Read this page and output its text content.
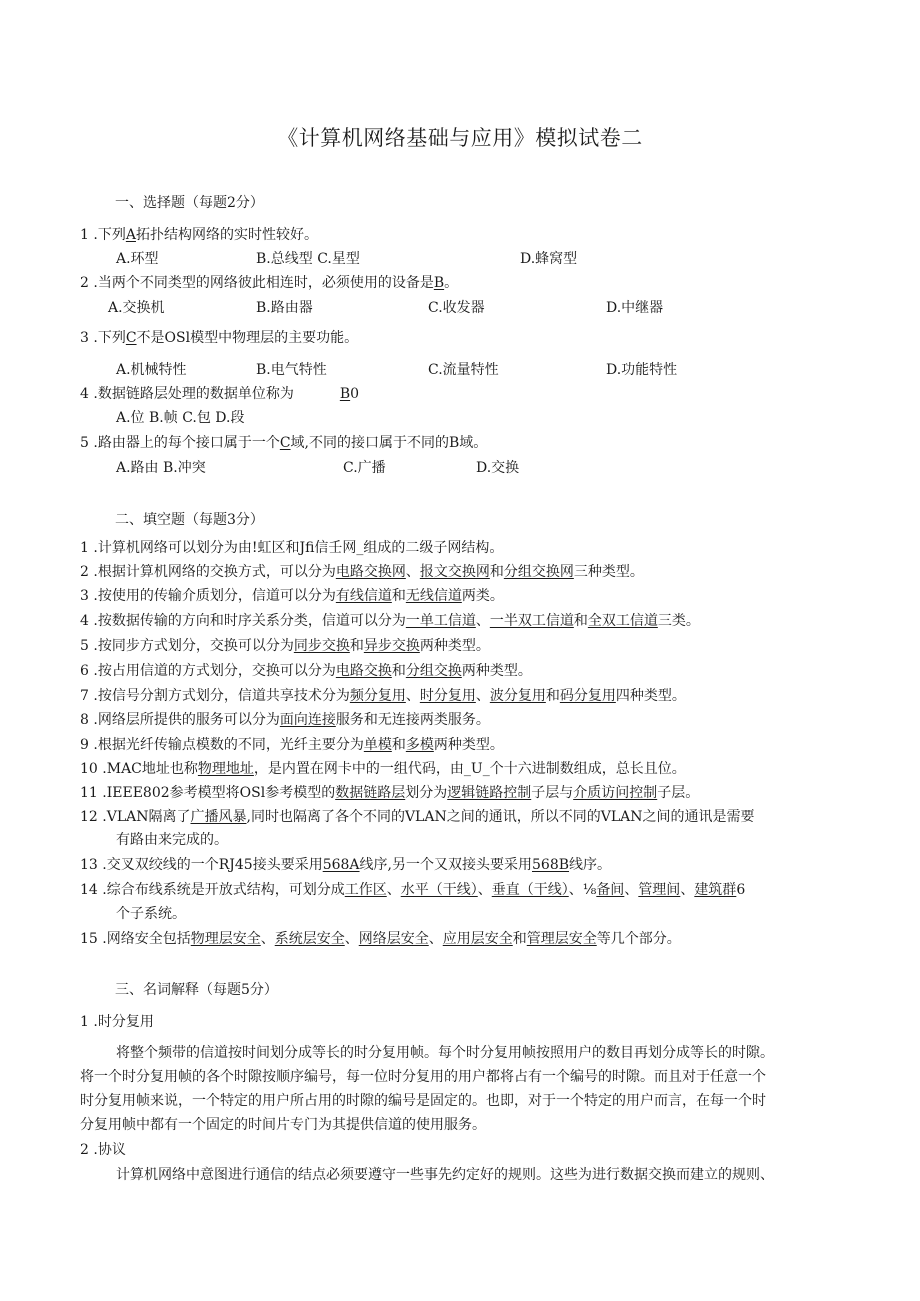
《计算机网络基础与应用》模拟试卷二
一、选择题（每题2分）
1 .下列A拓扑结构网络的实时性较好。
A.环型	B.总线型 C.星型	D.蜂窝型
2 .当两个不同类型的网络彼此相连时，必须使用的设备是B。
A.交换机	B.路由器	C.收发器	D.中继器
3 .下列C不是OSl模型中物理层的主要功能。
A.机械特性	B.电气特性	C.流量特性	D.功能特性
4 .数据链路层处理的数据单位称为	B0
A.位 B.帧 C.包 D.段
5 .路由器上的每个接口属于一个C域,不同的接口属于不同的B域。
A.路由 B.冲突	C.广播	D.交换
二、填空题（每题3分）
1 .计算机网络可以划分为由!虹区和Jfi信壬网_组成的二级子网结构。
2 .根据计算机网络的交换方式，可以分为电路交换网、报文交换网和分组交换网三种类型。
3 .按使用的传输介质划分，信道可以分为有线信道和无线信道两类。
4 .按数据传输的方向和时序关系分类，信道可以分为一单工信道、一半双工信道和全双工信道三类。
5 .按同步方式划分，交换可以分为同步交换和异步交换两种类型。
6 .按占用信道的方式划分，交换可以分为电路交换和分组交换两种类型。
7 .按信号分割方式划分，信道共享技术分为频分复用、时分复用、波分复用和码分复用四种类型。
8 .网络层所提供的服务可以分为面向连接服务和无连接两类服务。
9 .根据光纤传输点模数的不同，光纤主要分为单模和多模两种类型。
10 .MAC地址也称物理地址，是内置在网卡中的一组代码，由_U_个十六进制数组成，总长且位。
11 .IEEE802参考模型将OSl参考模型的数据链路层划分为逻辑链路控制子层与介质访问控制子层。
12 .VLAN隔离了广播风暴,同时也隔离了各个不同的VLAN之间的通讯，所以不同的VLAN之间的通讯是需要
有路由来完成的。
13 .交叉双绞线的一个RJ45接头要采用568A线序,另一个又双接头要采用568B线序。
14 .综合布线系统是开放式结构，可划分成工作区、水平（干线）、垂直（干线）、⅛备间、管理间、建筑群6
个子系统。
15 .网络安全包括物理层安全、系统层安全、网络层安全、应用层安全和管理层安全等几个部分。
三、名词解释（每题5分）
1 .时分复用
将整个频带的信道按时间划分成等长的时分复用帧。每个时分复用帧按照用户的数目再划分成等长的时隙。
将一个时分复用帧的各个时隙按顺序编号，每一位时分复用的用户都将占有一个编号的时隙。而且对于任意一个
时分复用帧来说，一个特定的用户所占用的时隙的编号是固定的。也即，对于一个特定的用户而言，在每一个时
分复用帧中都有一个固定的时间片专门为其提供信道的使用服务。
2 .协议
计算机网络中意图进行通信的结点必须要遵守一些事先约定好的规则。这些为进行数据交换而建立的规则、
